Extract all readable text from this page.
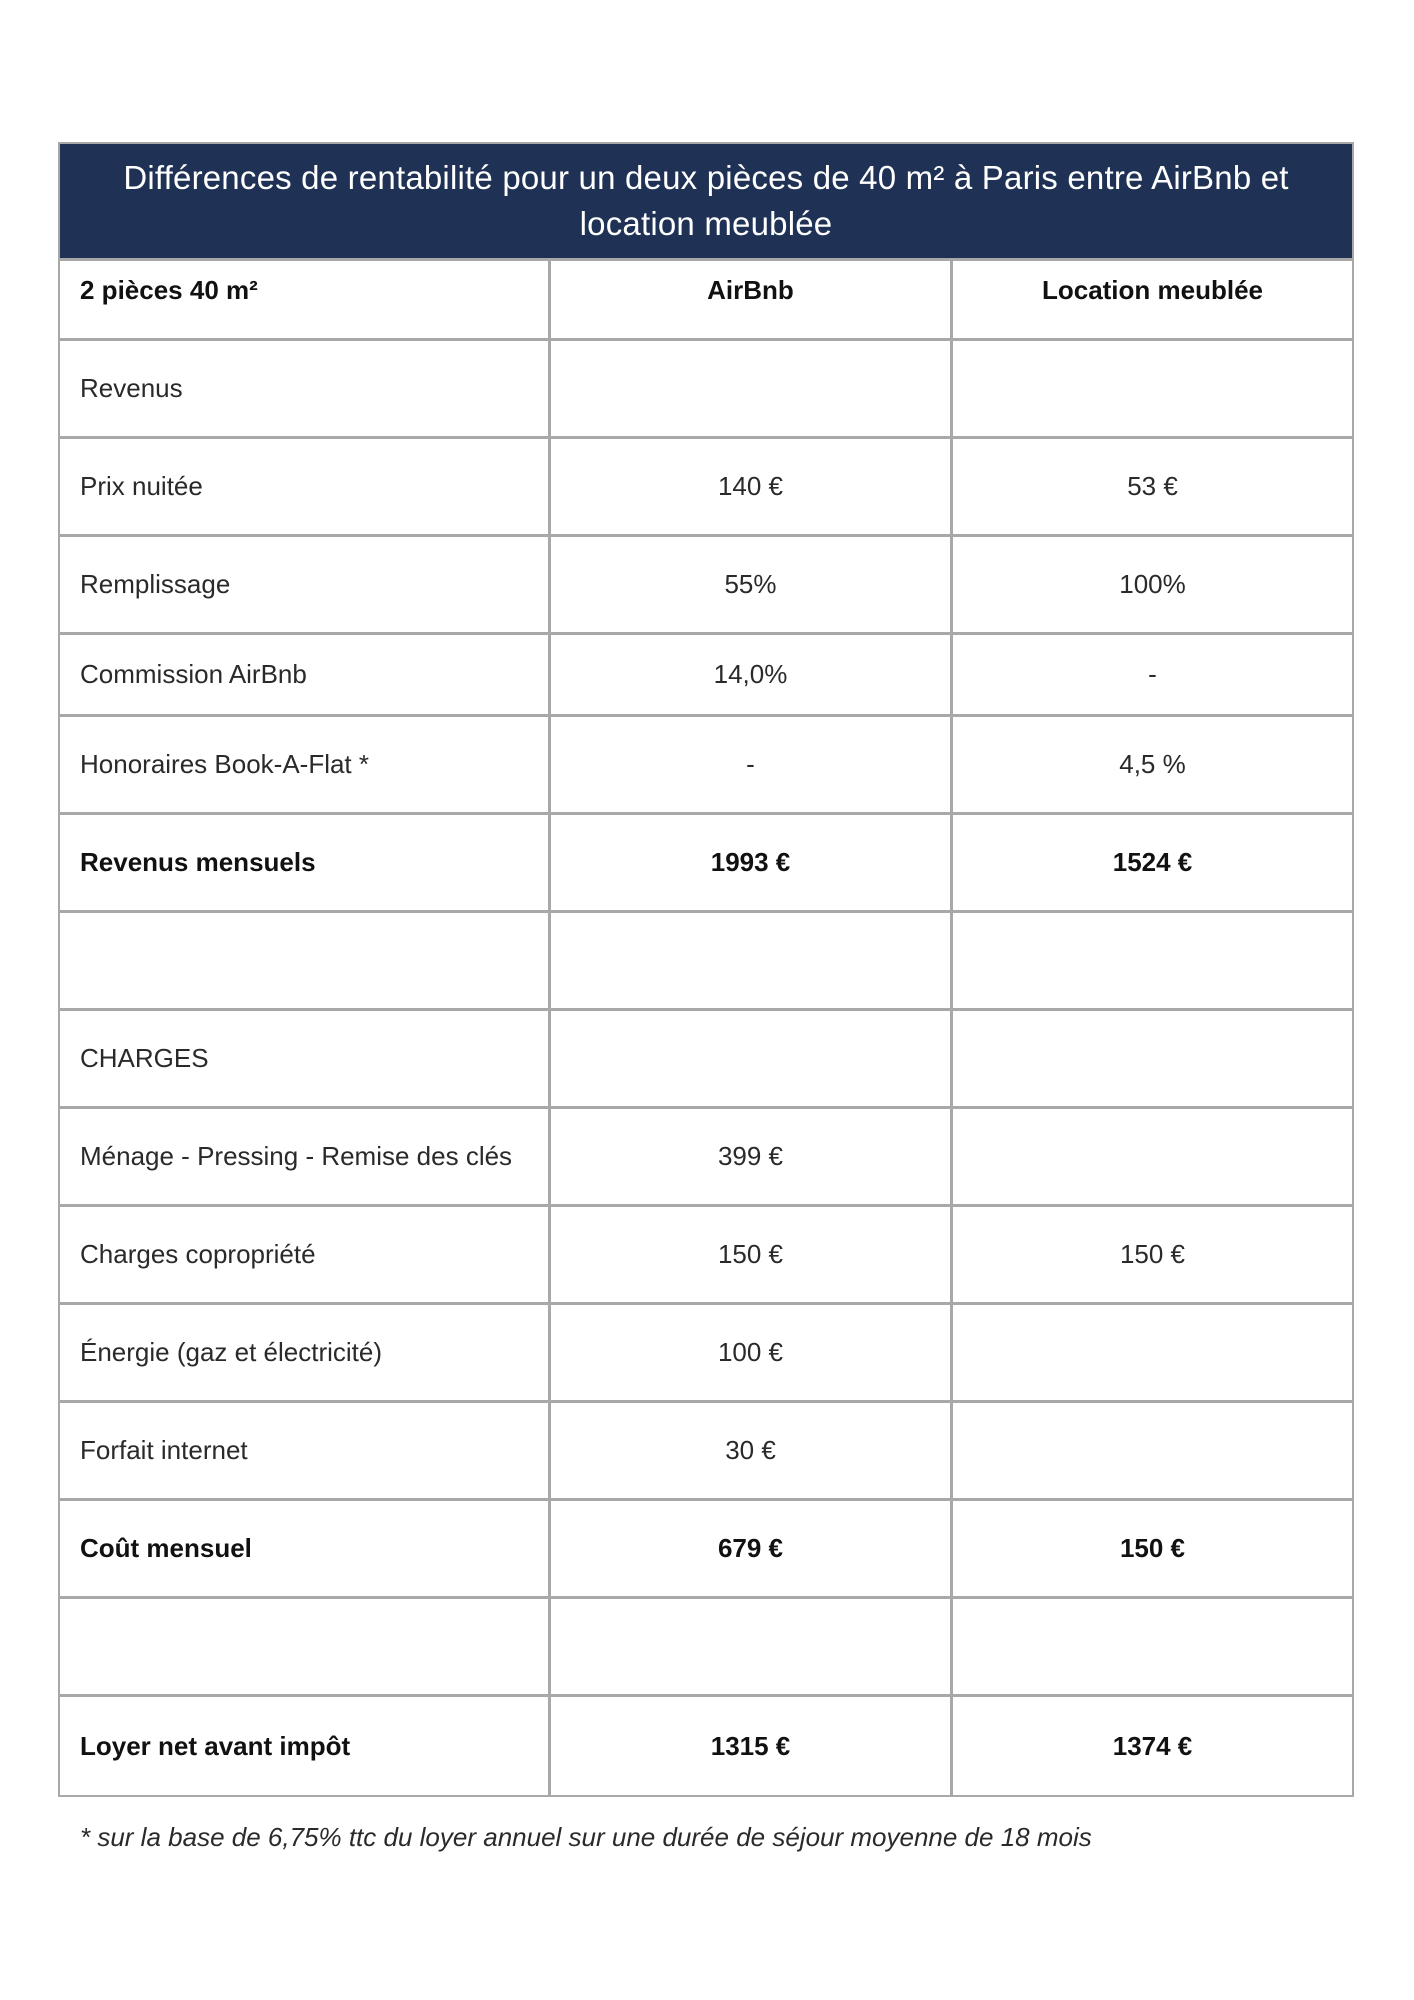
Différences de rentabilité pour un deux pièces de 40 m² à Paris entre AirBnb et location meublée
2 pièces 40 m²	AirBnb	Location meublée
Revenus
Prix nuitée	140 €	53 €
Remplissage	55%	100%
Commission AirBnb	14,0%	-
Honoraires Book-A-Flat *	-	4,5 %
Revenus mensuels	1993 €	1524 €
CHARGES
Ménage - Pressing - Remise des clés	399 €
Charges copropriété	150 €	150 €
Énergie (gaz et électricité)	100 €
Forfait internet	30 €
Coût mensuel	679 €	150 €
Loyer net avant impôt	1315 €	1374 €
* sur la base de 6,75% ttc du loyer annuel sur une durée de séjour moyenne de 18 mois
